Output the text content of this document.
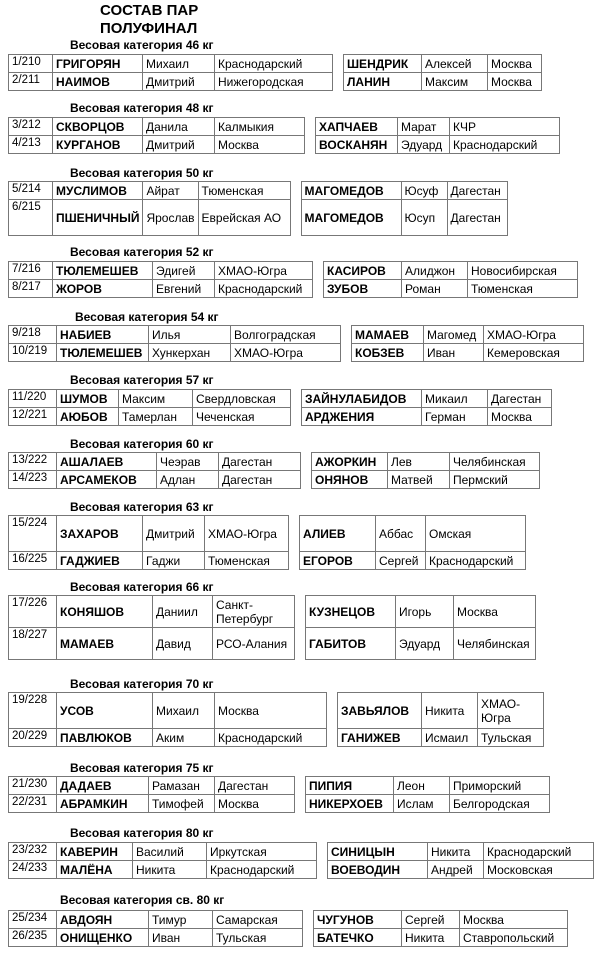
СОСТАВ ПАР
ПОЛУФИНАЛ
Весовая категория 46 кг
1/210	ГРИГОРЯН	Михаил	Краснодарский		ШЕНДРИК	Алексей	Москва
2/211	НАИМОВ	Дмитрий	Нижегородская		ЛАНИН	Максим	Москва
Весовая категория 48 кг
3/212	СКВОРЦОВ	Данила	Калмыкия		ХАПЧАЕВ	Марат	КЧР
4/213	КУРГАНОВ	Дмитрий	Москва		ВОСКАНЯН	Эдуард	Краснодарский
Весовая категория 50 кг
5/214	МУСЛИМОВ	Айрат	Тюменская		МАГОМЕДОВ	Юсуф	Дагестан
6/215	ПШЕНИЧНЫЙ	Ярослав	Еврейская АО		МАГОМЕДОВ	Юсуп	Дагестан
Весовая категория 52 кг
7/216	ТЮЛЕМЕШЕВ	Эдигей	ХМАО-Югра		КАСИРОВ	Алиджон	Новосибирская
8/217	ЖОРОВ	Евгений	Краснодарский		ЗУБОВ	Роман	Тюменская
Весовая категория 54 кг
9/218	НАБИЕВ	Илья	Волгоградская		МАМАЕВ	Магомед	ХМАО-Югра
10/219	ТЮЛЕМЕШЕВ	Хункерхан	ХМАО-Югра		КОБЗЕВ	Иван	Кемеровская
Весовая категория 57 кг
11/220	ШУМОВ	Максим	Свердловская		ЗАЙНУЛАБИДОВ	Микаил	Дагестан
12/221	АЮБОВ	Тамерлан	Чеченская		АРДЖЕНИЯ	Герман	Москва
Весовая категория 60 кг
13/222	АШАЛАЕВ	Чеэрав	Дагестан		АЖОРКИН	Лев	Челябинская
14/223	АРСАМЕКОВ	Адлан	Дагестан		ОНЯНОВ	Матвей	Пермский
Весовая категория 63 кг
15/224	ЗАХАРОВ	Дмитрий	ХМАО-Югра		АЛИЕВ	Аббас	Омская
16/225	ГАДЖИЕВ	Гаджи	Тюменская		ЕГОРОВ	Сергей	Краснодарский
Весовая категория 66 кг
17/226	КОНЯШОВ	Даниил	Санкт-Петербург		КУЗНЕЦОВ	Игорь	Москва
18/227	МАМАЕВ	Давид	РСО-Алания		ГАБИТОВ	Эдуард	Челябинская
Весовая категория 70 кг
19/228	УСОВ	Михаил	Москва		ЗАВЬЯЛОВ	Никита	ХМАО-Югра
20/229	ПАВЛЮКОВ	Аким	Краснодарский		ГАНИЖЕВ	Исмаил	Тульская
Весовая категория 75 кг
21/230	ДАДАЕВ	Рамазан	Дагестан		ПИПИЯ	Леон	Приморский
22/231	АБРАМКИН	Тимофей	Москва		НИКЕРХОЕВ	Ислам	Белгородская
Весовая категория 80 кг
23/232	КАВЕРИН	Василий	Иркутская		СИНИЦЫН	Никита	Краснодарский
24/233	МАЛЁНА	Никита	Краснодарский		ВОЕВОДИН	Андрей	Московская
Весовая категория св. 80 кг
25/234	АВДОЯН	Тимур	Самарская		ЧУГУНОВ	Сергей	Москва
26/235	ОНИЩЕНКО	Иван	Тульская		БАТЕЧКО	Никита	Ставропольский
